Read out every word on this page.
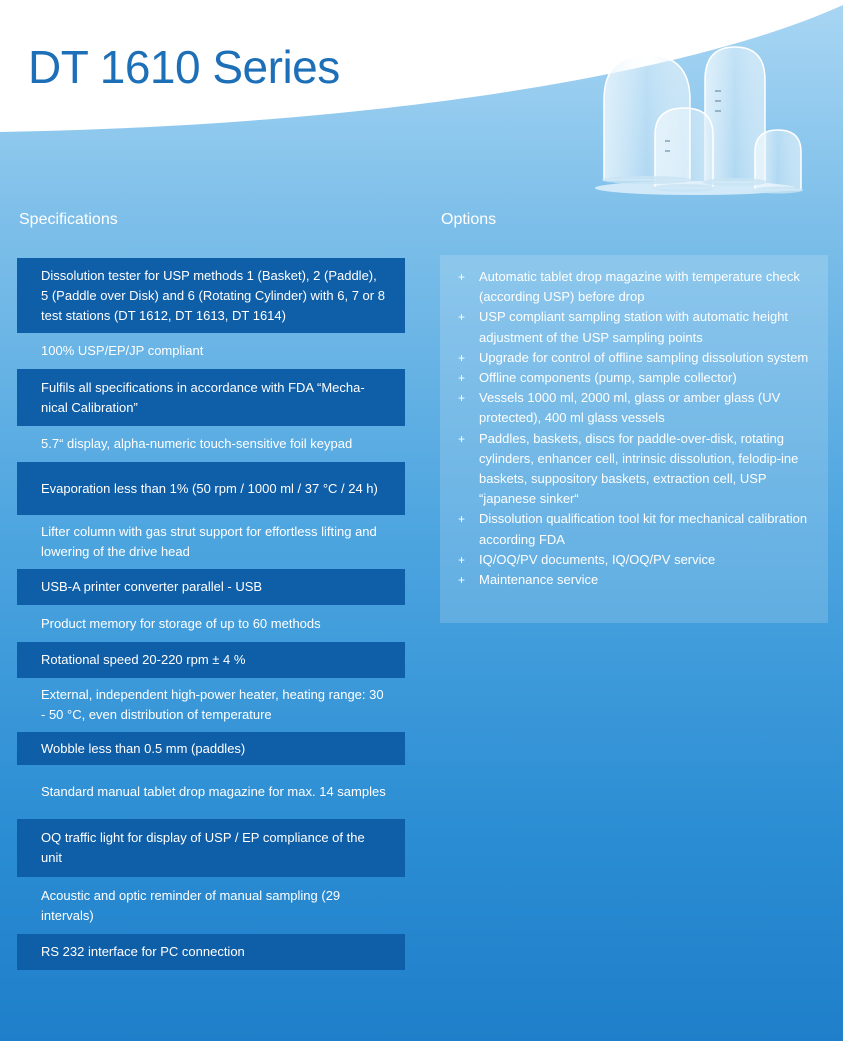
DT 1610 Series
Specifications	Options
Dissolution tester for USP methods 1 (Basket), 2 (Paddle), 5 (Paddle over Disk) and 6 (Rotating Cylinder) with 6, 7 or 8 test stations (DT 1612, DT 1613, DT 1614)
100% USP/EP/JP compliant
Fulfils all specifications in accordance with FDA “Mecha-nical Calibration”
5.7“ display, alpha-numeric touch-sensitive foil keypad
Evaporation less than 1% (50 rpm / 1000 ml / 37 °C / 24 h)
Lifter column with gas strut support for effortless lifting and lowering of the drive head
USB-A printer converter parallel - USB
Product memory for storage of up to 60 methods
Rotational speed 20-220 rpm ± 4 %
External, independent high-power heater, heating range: 30 - 50 °C, even distribution of temperature
Wobble less than 0.5 mm (paddles)
Standard manual tablet drop magazine for max. 14 samples
OQ traffic light for display of USP / EP compliance of the unit
Acoustic and optic reminder of manual sampling (29 intervals)
RS 232 interface for PC connection
+	Automatic tablet drop magazine with temperature check (according USP) before drop
+	USP compliant sampling station with automatic height adjustment of the USP sampling points
+	Upgrade for control of offline sampling dissolution system
+	Offline components (pump, sample collector)
+	Vessels 1000 ml, 2000 ml, glass or amber glass (UV protected), 400 ml glass vessels
+	Paddles, baskets, discs for paddle-over-disk, rotating cylinders, enhancer cell, intrinsic dissolution, felodip-ine baskets, suppository baskets, extraction cell, USP “japanese sinker“
+	Dissolution qualification tool kit for mechanical calibration according FDA
+	IQ/OQ/PV documents, IQ/OQ/PV service
+	Maintenance service
